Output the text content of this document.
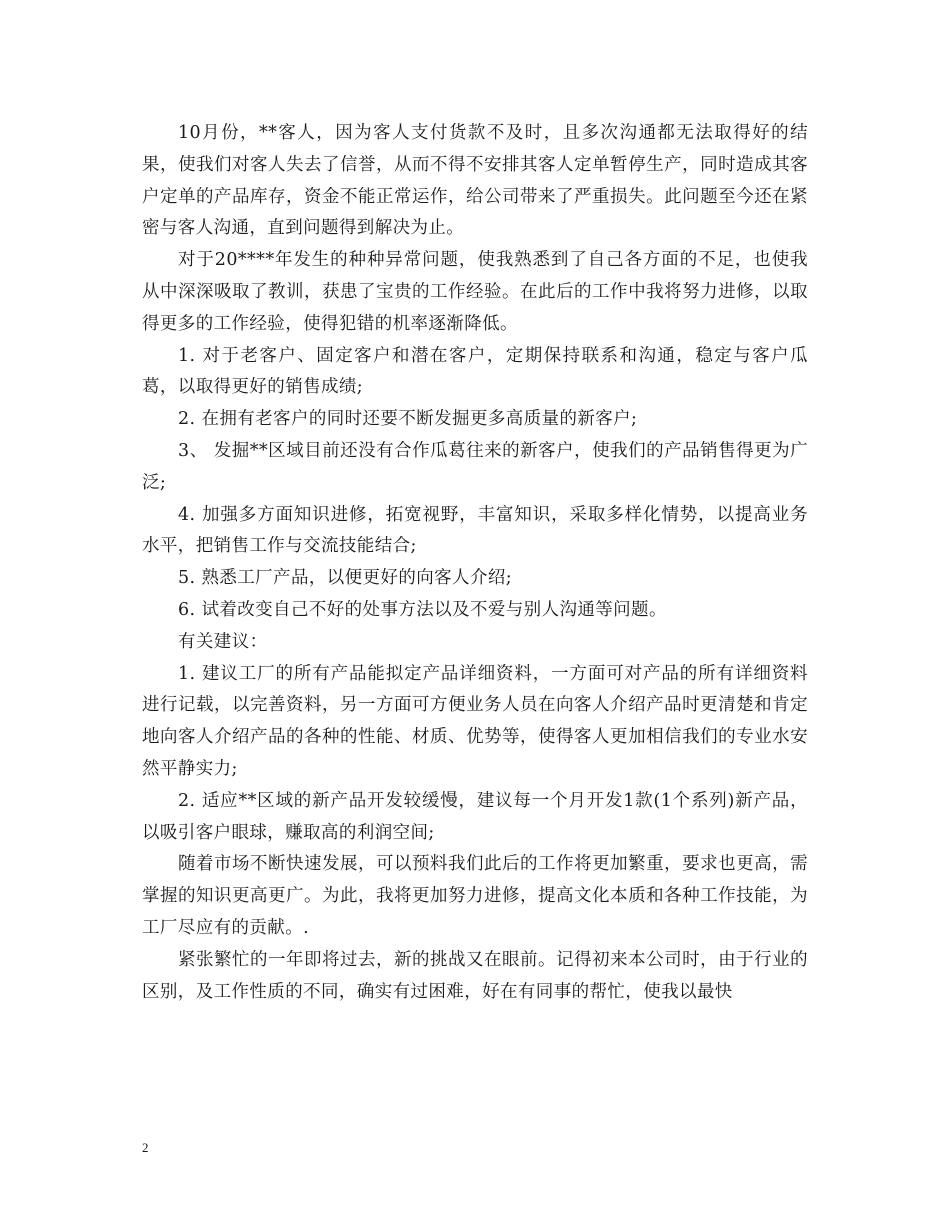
10月份，**客人，因为客人支付货款不及时，且多次沟通都无法取得好的结果，使我们对客人失去了信誉，从而不得不安排其客人定单暂停生产，同时造成其客户定单的产品库存，资金不能正常运作，给公司带来了严重损失。此问题至今还在紧密与客人沟通，直到问题得到解决为止。

对于20****年发生的种种异常问题，使我熟悉到了自己各方面的不足，也使我从中深深吸取了教训，获患了宝贵的工作经验。在此后的工作中我将努力进修，以取得更多的工作经验，使得犯错的机率逐渐降低。

1. 对于老客户、固定客户和潜在客户，定期保持联系和沟通，稳定与客户瓜葛，以取得更好的销售成绩;

2. 在拥有老客户的同时还要不断发掘更多高质量的新客户;

3、 发掘**区域目前还没有合作瓜葛往来的新客户，使我们的产品销售得更为广泛;

4. 加强多方面知识进修，拓宽视野，丰富知识，采取多样化情势，以提高业务水平，把销售工作与交流技能结合;

5. 熟悉工厂产品，以便更好的向客人介绍;

6. 试着改变自己不好的处事方法以及不爱与别人沟通等问题。

有关建议：

1. 建议工厂的所有产品能拟定产品详细资料，一方面可对产品的所有详细资料进行记载，以完善资料，另一方面可方便业务人员在向客人介绍产品时更清楚和肯定地向客人介绍产品的各种的性能、材质、优势等，使得客人更加相信我们的专业水安然平静实力;

2. 适应**区域的新产品开发较缓慢，建议每一个月开发1款(1个系列)新产品，以吸引客户眼球，赚取高的利润空间;

随着市场不断快速发展，可以预料我们此后的工作将更加繁重，要求也更高，需掌握的知识更高更广。为此，我将更加努力进修，提高文化本质和各种工作技能，为工厂尽应有的贡献。.

紧张繁忙的一年即将过去，新的挑战又在眼前。记得初来本公司时，由于行业的区别，及工作性质的不同，确实有过困难，好在有同事的帮忙，使我以最快

2
